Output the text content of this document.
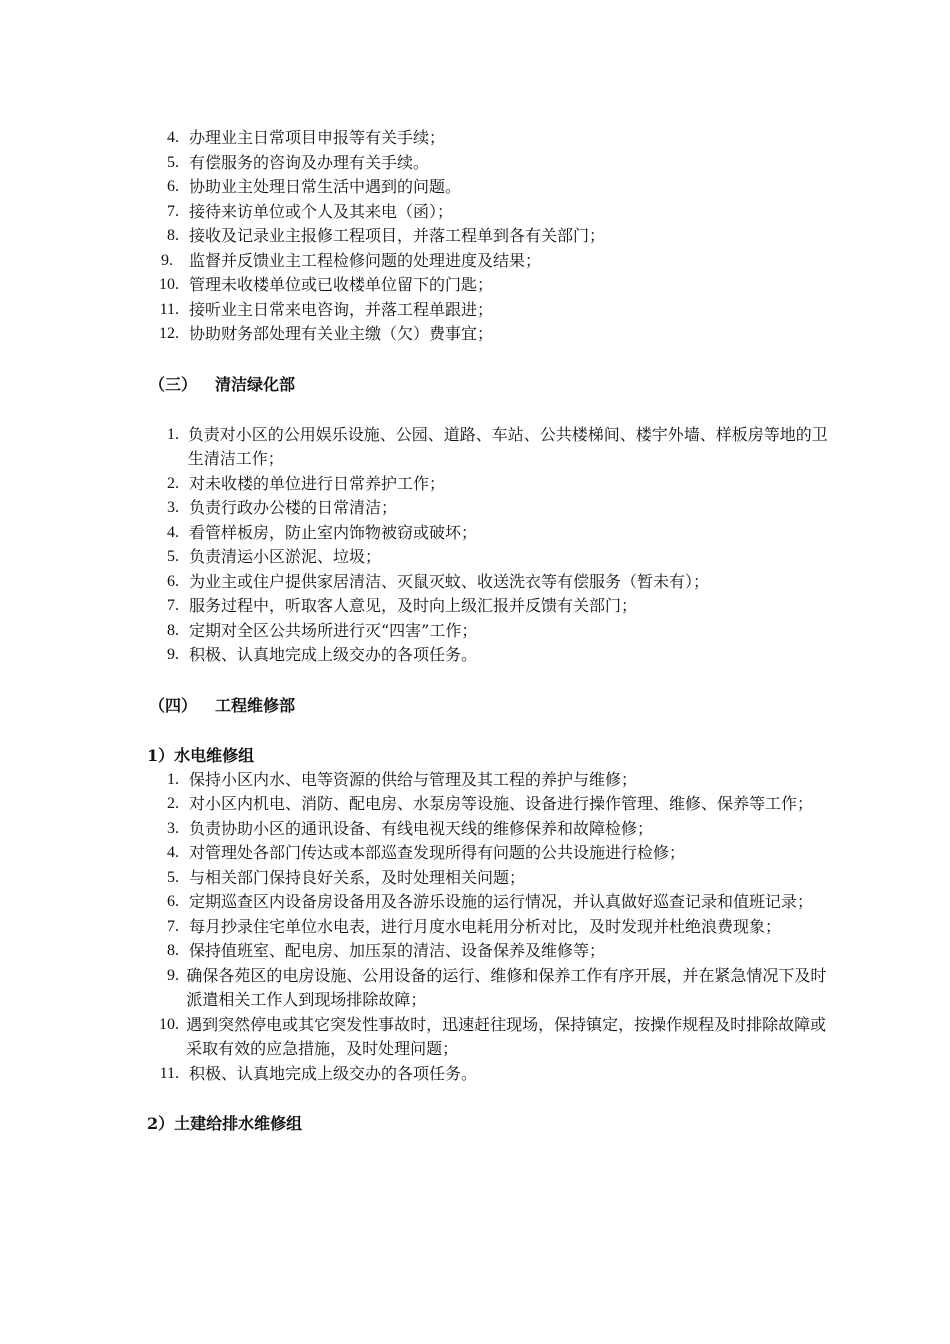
4. 办理业主日常项目申报等有关手续；
5. 有偿服务的咨询及办理有关手续。
6. 协助业主处理日常生活中遇到的问题。
7. 接待来访单位或个人及其来电（函）；
8. 接收及记录业主报修工程项目，并落工程单到各有关部门；
9. 监督并反馈业主工程检修问题的处理进度及结果；
10. 管理未收楼单位或已收楼单位留下的门匙；
11. 接听业主日常来电咨询，并落工程单跟进；
12. 协助财务部处理有关业主缴（欠）费事宜；
（三）	清洁绿化部
1. 负责对小区的公用娱乐设施、公园、道路、车站、公共楼梯间、楼宇外墙、样板房等地的卫生清洁工作；
2. 对未收楼的单位进行日常养护工作；
3. 负责行政办公楼的日常清洁；
4. 看管样板房，防止室内饰物被窃或破坏；
5. 负责清运小区淤泥、垃圾；
6. 为业主或住户提供家居清洁、灭鼠灭蚊、收送洗衣等有偿服务（暂未有）；
7. 服务过程中，听取客人意见，及时向上级汇报并反馈有关部门；
8. 定期对全区公共场所进行灭“四害”工作；
9. 积极、认真地完成上级交办的各项任务。
（四）	工程维修部
1）水电维修组
1. 保持小区内水、电等资源的供给与管理及其工程的养护与维修；
2. 对小区内机电、消防、配电房、水泵房等设施、设备进行操作管理、维修、保养等工作；
3. 负责协助小区的通讯设备、有线电视天线的维修保养和故障检修；
4. 对管理处各部门传达或本部巡查发现所得有问题的公共设施进行检修；
5. 与相关部门保持良好关系，及时处理相关问题；
6. 定期巡查区内设备房设备用及各游乐设施的运行情况，并认真做好巡查记录和值班记录；
7. 每月抄录住宅单位水电表，进行月度水电耗用分析对比，及时发现并杜绝浪费现象；
8. 保持值班室、配电房、加压泵的清洁、设备保养及维修等；
9. 确保各苑区的电房设施、公用设备的运行、维修和保养工作有序开展，并在紧急情况下及时派遣相关工作人到现场排除故障；
10. 遇到突然停电或其它突发性事故时，迅速赶往现场，保持镇定，按操作规程及时排除故障或采取有效的应急措施，及时处理问题；
11. 积极、认真地完成上级交办的各项任务。
2）土建给排水维修组
